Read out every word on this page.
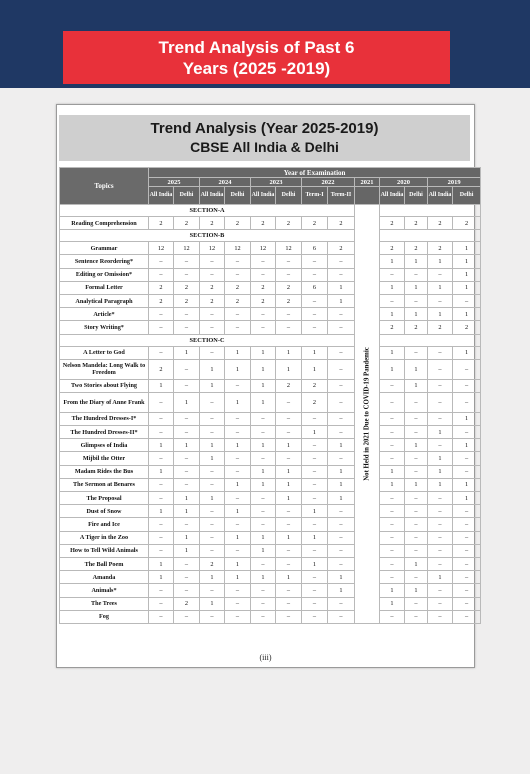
Trend Analysis of Past 6
Years (2025 -2019)
Trend Analysis (Year 2025-2019)
CBSE All India & Delhi
Topics	Year of Examination												
	2025		2024		2023		2022		2021	2020		2019	
	All India	Delhi	All India	Delhi	All India	Delhi	Term-I	Term-II		All India	Delhi	All India	Delhi
SECTION-A									Not Held in 2021 Due to COVID-19 Pandemic				

Reading Comprehension	2	2	2	2	2	2	2	2		2	2	2	2
SECTION-B													
Grammar	12	12	12	12	12	12	6	2		2	2	2	1
Sentence Reordering*	–	–	–	–	–	–	–	–		1	1	1	1
Editing or Omission*	–	–	–	–	–	–	–	–		–	–	–	1
Formal Letter	2	2	2	2	2	2	6	1		1	1	1	1
Analytical Paragraph	2	2	2	2	2	2	–	1		–	–	–	–
Article*	–	–	–	–	–	–	–	–		1	1	1	1
Story Writing*	–	–	–	–	–	–	–	–		2	2	2	2
SECTION-C													
A Letter to God	–	1	–	1	1	1	1	–		1	–	–	1
Nelson Mandela: Long Walk to Freedom	2	–	1	1	1	1	1	–		1	1	–	–
Two Stories about Flying	1	–	1	–	1	2	2	–		–	1	–	–
From the Diary of Anne Frank	–	1	–	1	1	–	2	–		–	–	–	–
The Hundred Dresses-I*	–	–	–	–	–	–	–	–		–	–	–	1
The Hundred Dresses-II*	–	–	–	–	–	–	1	–		–	–	1	–
Glimpses of India	1	1	1	1	1	1	–	1		–	1	–	1
Mijbil the Otter	–	–	1	–	–	–	–	–		–	–	1	–
Madam Rides the Bus	1	–	–	–	1	1	–	1		1	–	1	–
The Sermon at Benares	–	–	–	1	1	1	–	1		1	1	1	1
The Proposal	–	1	1	–	–	1	–	1		–	–	–	1
Dust of Snow	1	1	–	1	–	–	1	–		–	–	–	–
Fire and Ice	–	–	–	–	–	–	–	–		–	–	–	–
A Tiger in the Zoo	–	1	–	1	1	1	1	–		–	–	–	–
How to Tell Wild Animals	–	1	–	–	1	–	–	–		–	–	–	–
The Ball Poem	1	–	2	1	–	–	1	–		–	1	–	–
Amanda	1	–	1	1	1	1	–	1		–	–	1	–
Animals*	–	–	–	–	–	–	–	1		1	1	–	–
The Trees	–	2	1	–	–	–	–	–		1	–	–	–
Fog	–	–	–	–	–	–	–	–		–	–	–	–
(iii)
